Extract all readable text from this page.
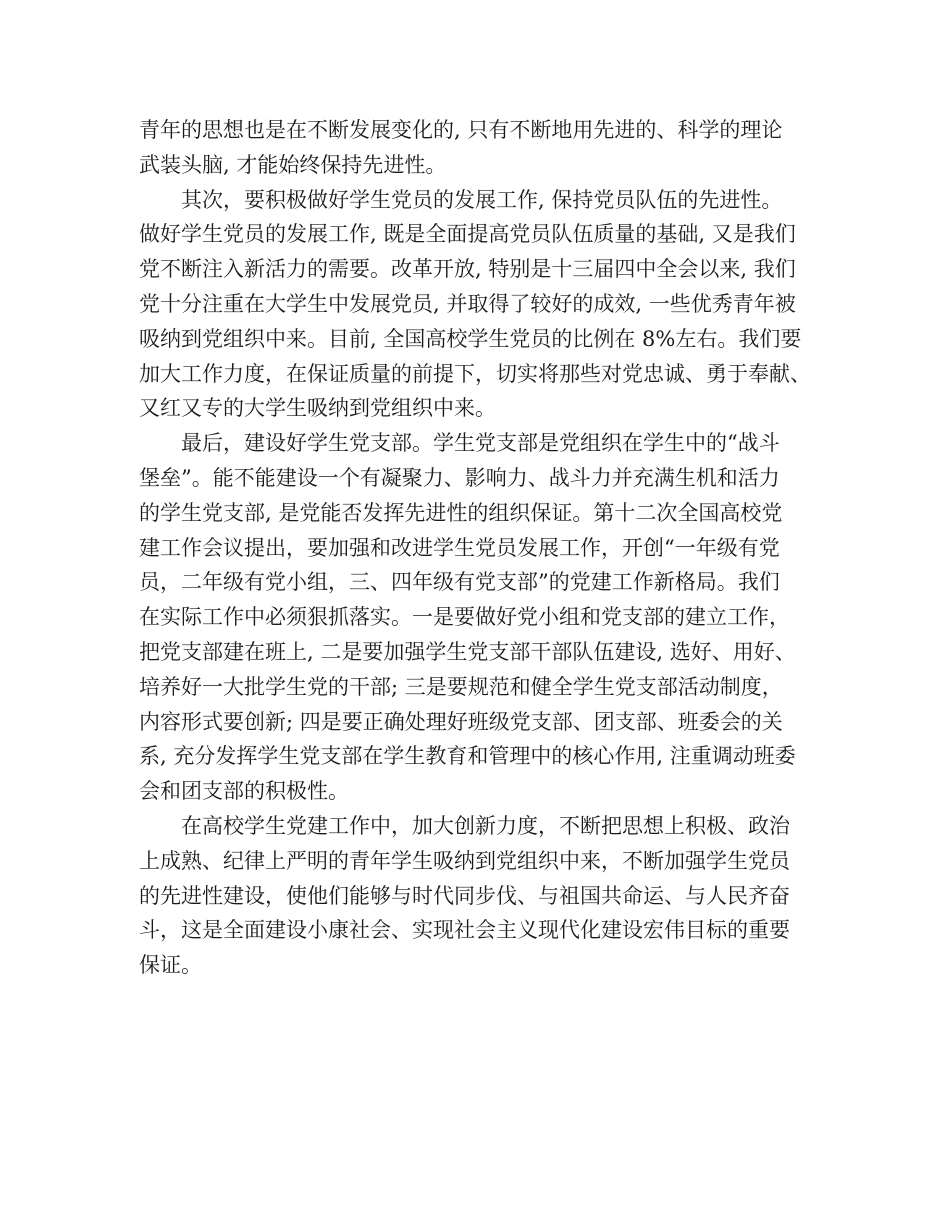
青年的思想也是在不断发展变化的, 只有不断地用先进的、科学的理论
武装头脑, 才能始终保持先进性。
其次，要积极做好学生党员的发展工作, 保持党员队伍的先进性。
做好学生党员的发展工作, 既是全面提高党员队伍质量的基础, 又是我们
党不断注入新活力的需要。改革开放, 特别是十三届四中全会以来, 我们
党十分注重在大学生中发展党员, 并取得了较好的成效, 一些优秀青年被
吸纳到党组织中来。目前, 全国高校学生党员的比例在 8%左右。我们要
加大工作力度，在保证质量的前提下，切实将那些对党忠诚、勇于奉献、
又红又专的大学生吸纳到党组织中来。
最后，建设好学生党支部。学生党支部是党组织在学生中的“战斗
堡垒”。能不能建设一个有凝聚力、影响力、战斗力并充满生机和活力
的学生党支部, 是党能否发挥先进性的组织保证。第十二次全国高校党
建工作会议提出，要加强和改进学生党员发展工作，开创“一年级有党
员，二年级有党小组，三、四年级有党支部”的党建工作新格局。我们
在实际工作中必须狠抓落实。一是要做好党小组和党支部的建立工作，
把党支部建在班上, 二是要加强学生党支部干部队伍建设, 选好、用好、
培养好一大批学生党的干部; 三是要规范和健全学生党支部活动制度，
内容形式要创新; 四是要正确处理好班级党支部、团支部、班委会的关
系, 充分发挥学生党支部在学生教育和管理中的核心作用, 注重调动班委
会和团支部的积极性。
在高校学生党建工作中，加大创新力度，不断把思想上积极、政治
上成熟、纪律上严明的青年学生吸纳到党组织中来，不断加强学生党员
的先进性建设，使他们能够与时代同步伐、与祖国共命运、与人民齐奋
斗，这是全面建设小康社会、实现社会主义现代化建设宏伟目标的重要
保证。
